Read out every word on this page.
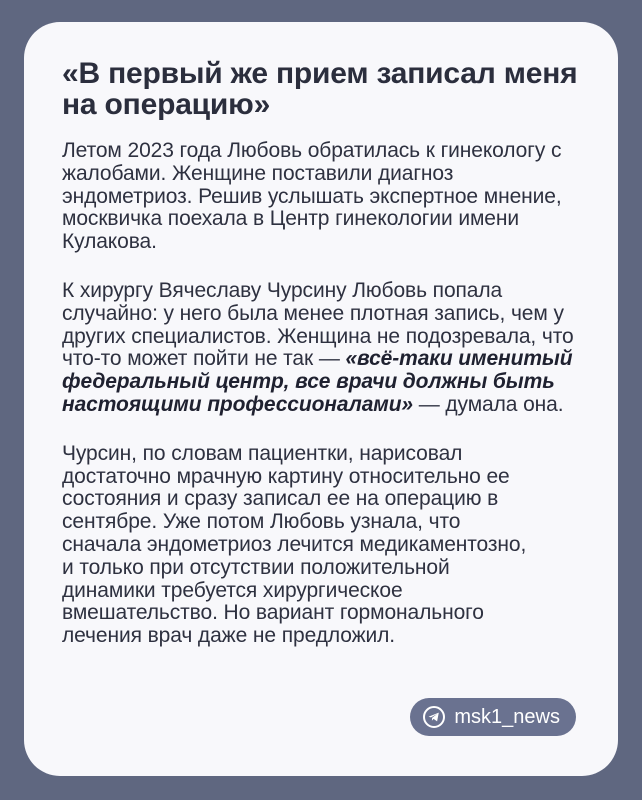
«В первый же прием записал меня на операцию»

Летом 2023 года Любовь обратилась к гинекологу с жалобами. Женщине поставили диагноз эндометриоз. Решив услышать экспертное мнение, москвичка поехала в Центр гинекологии имени Кулакова.

К хирургу Вячеславу Чурсину Любовь попала случайно: у него была менее плотная запись, чем у других специалистов. Женщина не подозревала, что что-то может пойти не так — «всё-таки именитый федеральный центр, все врачи должны быть настоящими профессионалами» — думала она.

Чурсин, по словам пациентки, нарисовал достаточно мрачную картину относительно ее состояния и сразу записал ее на операцию в сентябре. Уже потом Любовь узнала, что сначала эндометриоз лечится медикаментозно, и только при отсутствии положительной динамики требуется хирургическое вмешательство. Но вариант гормонального лечения врач даже не предложил.

msk1_news
